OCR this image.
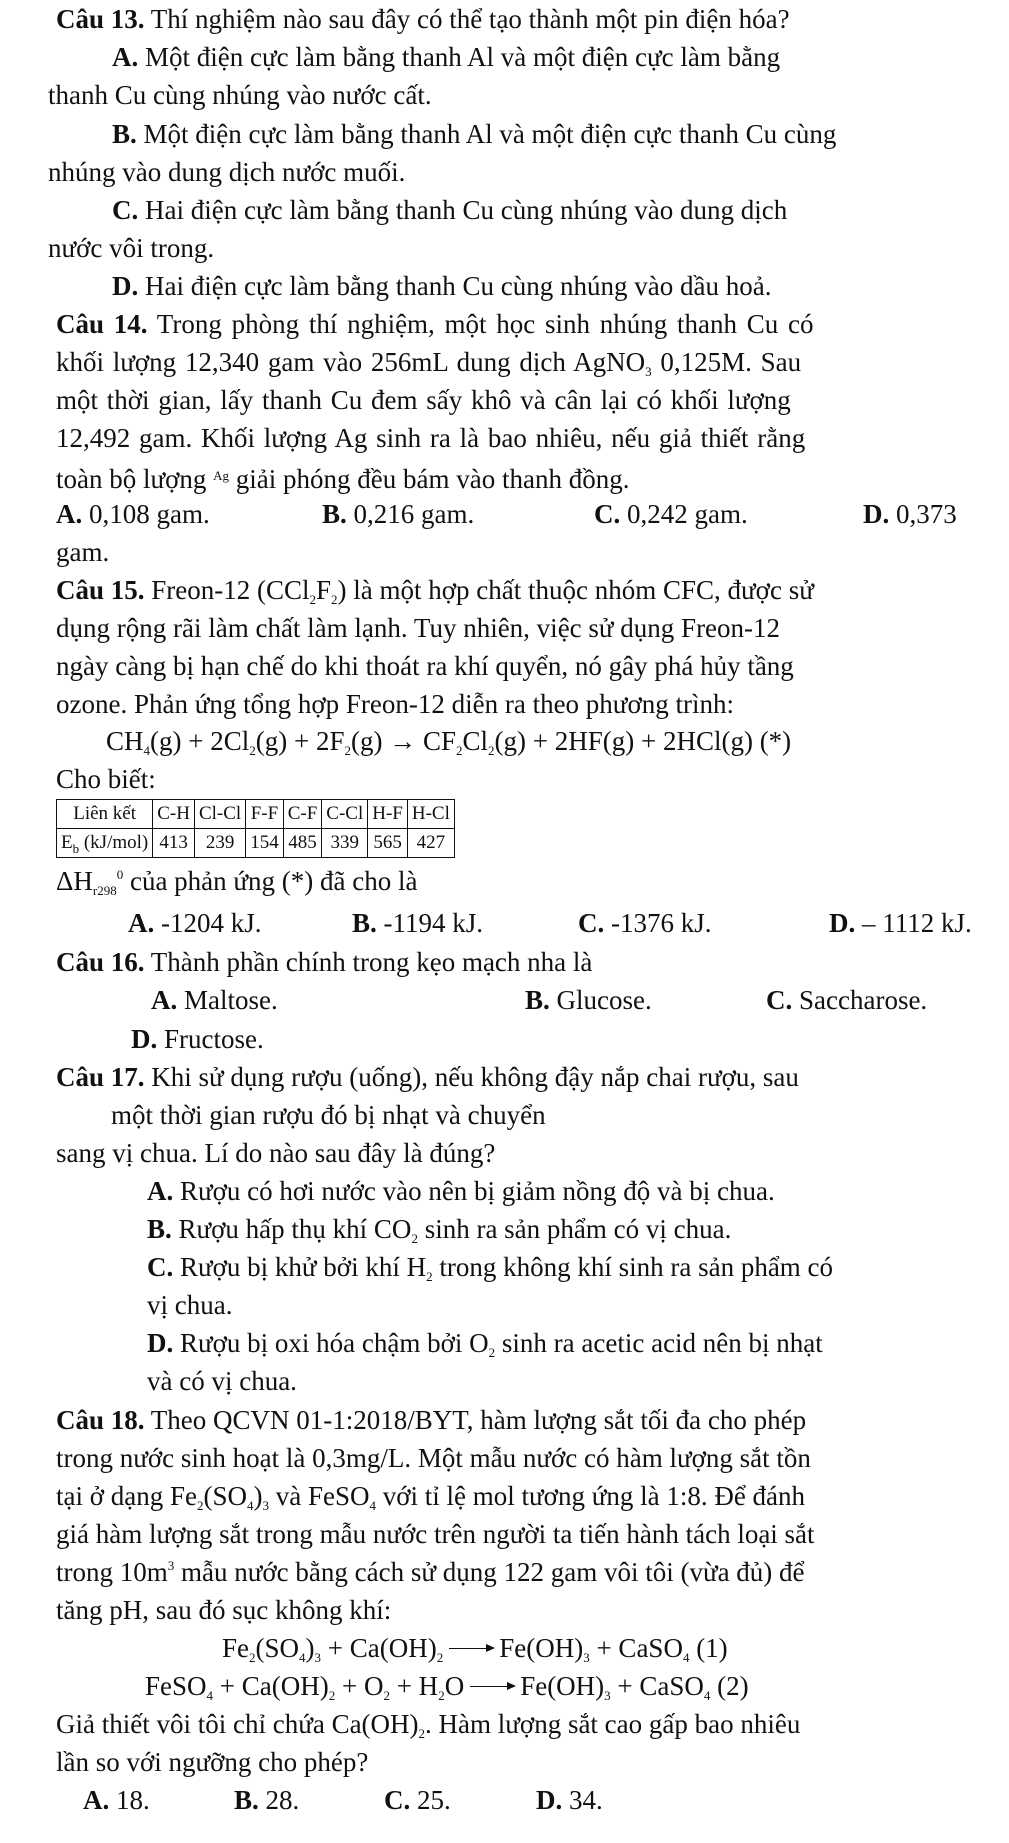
Câu 13. Thí nghiệm nào sau đây có thể tạo thành một pin điện hóa?
A. Một điện cực làm bằng thanh Al và một điện cực làm bằng
thanh Cu cùng nhúng vào nước cất.
B. Một điện cực làm bằng thanh Al và một điện cực thanh Cu cùng
nhúng vào dung dịch nước muối.
C. Hai điện cực làm bằng thanh Cu cùng nhúng vào dung dịch
nước vôi trong.
D. Hai điện cực làm bằng thanh Cu cùng nhúng vào dầu hoả.
Câu 14. Trong phòng thí nghiệm, một học sinh nhúng thanh Cu có
khối lượng 12,340 gam vào 256mL dung dịch AgNO$_3$ 0,125M. Sau
một thời gian, lấy thanh Cu đem sấy khô và cân lại có khối lượng
12,492 gam. Khối lượng Ag sinh ra là bao nhiêu, nếu giả thiết rằng
toàn bộ lượng $^{Ag}$ giải phóng đều bám vào thanh đồng.
A. 0,108 gam.	B. 0,216 gam.	C. 0,242 gam.	D. 0,373
gam.
Câu 15. Freon-12 $(CCl_2F_2)$ là một hợp chất thuộc nhóm CFC, được sử
dụng rộng rãi làm chất làm lạnh. Tuy nhiên, việc sử dụng Freon-12
ngày càng bị hạn chế do khi thoát ra khí quyển, nó gây phá hủy tầng
ozone. Phản ứng tổng hợp Freon-12 diễn ra theo phương trình:
$CH_4(g) + 2Cl_2(g) + 2F_2(g) \to CF_2Cl_2(g) + 2HF(g) + 2HCl(g)$ (*)
Cho biết:
Liên kết	C-H	Cl-Cl	F-F	C-F	C-Cl	H-F	H-Cl
$E_b$ (kJ/mol)	413	239	154	485	339	565	427
$\Delta H_{r298}^0$ của phản ứng (*) đã cho là
A. -1204 kJ.	B. -1194 kJ.	C. -1376 kJ.	D. – 1112 kJ.
Câu 16. Thành phần chính trong kẹo mạch nha là
A. Maltose.	B. Glucose.	C. Saccharose.
D. Fructose.
Câu 17. Khi sử dụng rượu (uống), nếu không đậy nắp chai rượu, sau
một thời gian rượu đó bị nhạt và chuyển
sang vị chua. Lí do nào sau đây là đúng?
A. Rượu có hơi nước vào nên bị giảm nồng độ và bị chua.
B. Rượu hấp thụ khí $CO_2$ sinh ra sản phẩm có vị chua.
C. Rượu bị khử bởi khí $H_2$ trong không khí sinh ra sản phẩm có
vị chua.
D. Rượu bị oxi hóa chậm bởi $O_2$ sinh ra acetic acid nên bị nhạt
và có vị chua.
Câu 18. Theo QCVN 01-1:2018/BYT, hàm lượng sắt tối đa cho phép
trong nước sinh hoạt là 0,3mg/L. Một mẫu nước có hàm lượng sắt tồn
tại ở dạng $Fe_2(SO_4)_3$ và FeSO$_4$ với tỉ lệ mol tương ứng là 1:8. Để đánh
giá hàm lượng sắt trong mẫu nước trên người ta tiến hành tách loại sắt
trong $10m^3$ mẫu nước bằng cách sử dụng 122 gam vôi tôi (vừa đủ) để
tăng pH, sau đó sục không khí:
$Fe_2(SO_4)_3 + Ca(OH)_2 \to Fe(OH)_3$ + CaSO$_4$ (1)
FeSO$_4$ + $Ca(OH)_2 + O_2 + H_2O \to Fe(OH)_3$ + CaSO$_4$ (2)
Giả thiết vôi tôi chỉ chứa $Ca(OH)_2$. Hàm lượng sắt cao gấp bao nhiêu
lần so với ngưỡng cho phép?
A. 18.	B. 28.	C. 25.	D. 34.
